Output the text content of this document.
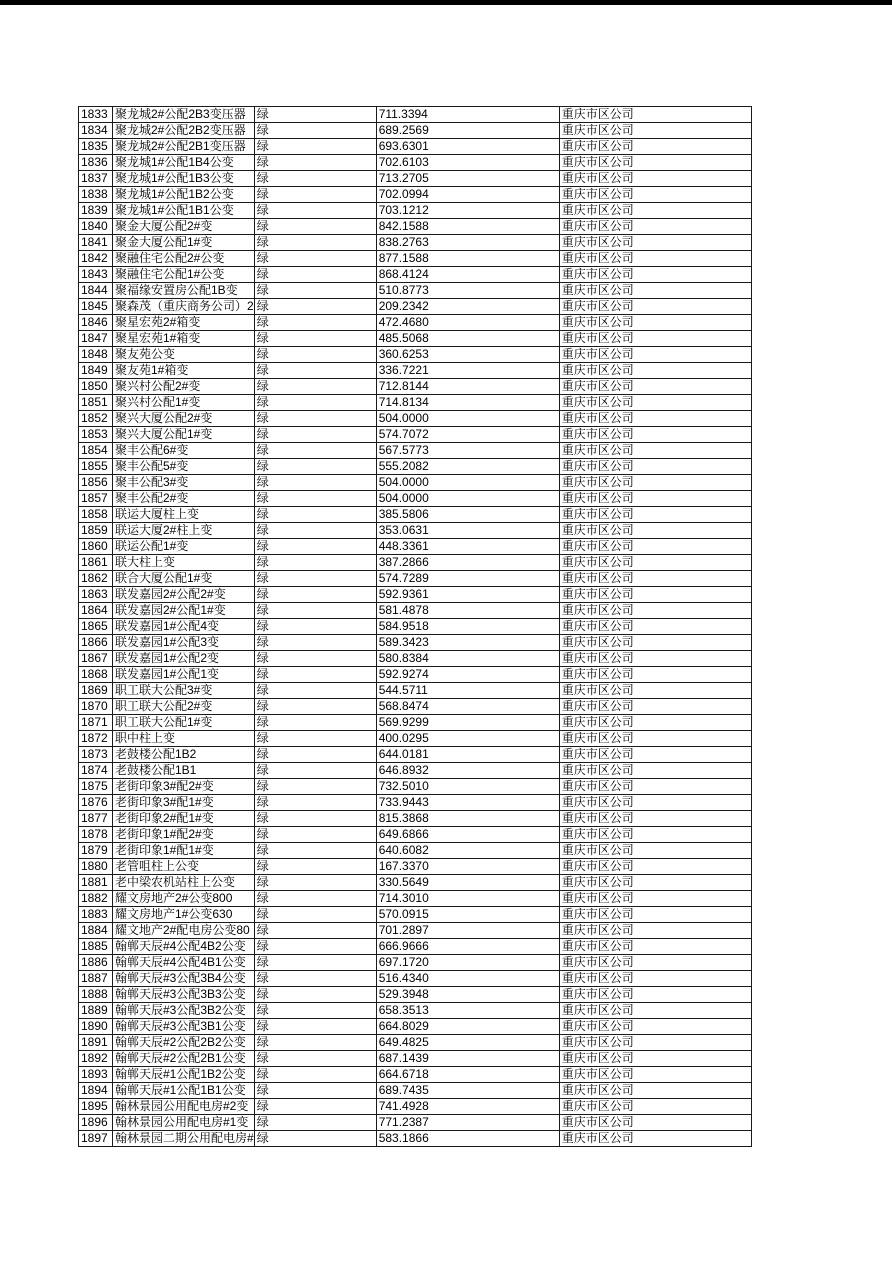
1833	聚龙城2#公配2B3变压器	绿	711.3394	重庆市区公司
1834	聚龙城2#公配2B2变压器	绿	689.2569	重庆市区公司
1835	聚龙城2#公配2B1变压器	绿	693.6301	重庆市区公司
1836	聚龙城1#公配1B4公变	绿	702.6103	重庆市区公司
1837	聚龙城1#公配1B3公变	绿	713.2705	重庆市区公司
1838	聚龙城1#公配1B2公变	绿	702.0994	重庆市区公司
1839	聚龙城1#公配1B1公变	绿	703.1212	重庆市区公司
1840	聚金大厦公配2#变	绿	842.1588	重庆市区公司
1841	聚金大厦公配1#变	绿	838.2763	重庆市区公司
1842	聚融住宅公配2#公变	绿	877.1588	重庆市区公司
1843	聚融住宅公配1#公变	绿	868.4124	重庆市区公司
1844	聚福缘安置房公配1B变	绿	510.8773	重庆市区公司
1845	聚森茂（重庆商务公司）2	绿	209.2342	重庆市区公司
1846	聚星宏苑2#箱变	绿	472.4680	重庆市区公司
1847	聚星宏苑1#箱变	绿	485.5068	重庆市区公司
1848	聚友苑公变	绿	360.6253	重庆市区公司
1849	聚友苑1#箱变	绿	336.7221	重庆市区公司
1850	聚兴村公配2#变	绿	712.8144	重庆市区公司
1851	聚兴村公配1#变	绿	714.8134	重庆市区公司
1852	聚兴大厦公配2#变	绿	504.0000	重庆市区公司
1853	聚兴大厦公配1#变	绿	574.7072	重庆市区公司
1854	聚丰公配6#变	绿	567.5773	重庆市区公司
1855	聚丰公配5#变	绿	555.2082	重庆市区公司
1856	聚丰公配3#变	绿	504.0000	重庆市区公司
1857	聚丰公配2#变	绿	504.0000	重庆市区公司
1858	联运大厦柱上变	绿	385.5806	重庆市区公司
1859	联运大厦2#柱上变	绿	353.0631	重庆市区公司
1860	联运公配1#变	绿	448.3361	重庆市区公司
1861	联大柱上变	绿	387.2866	重庆市区公司
1862	联合大厦公配1#变	绿	574.7289	重庆市区公司
1863	联发嘉园2#公配2#变	绿	592.9361	重庆市区公司
1864	联发嘉园2#公配1#变	绿	581.4878	重庆市区公司
1865	联发嘉园1#公配4变	绿	584.9518	重庆市区公司
1866	联发嘉园1#公配3变	绿	589.3423	重庆市区公司
1867	联发嘉园1#公配2变	绿	580.8384	重庆市区公司
1868	联发嘉园1#公配1变	绿	592.9274	重庆市区公司
1869	职工联大公配3#变	绿	544.5711	重庆市区公司
1870	职工联大公配2#变	绿	568.8474	重庆市区公司
1871	职工联大公配1#变	绿	569.9299	重庆市区公司
1872	职中柱上变	绿	400.0295	重庆市区公司
1873	老鼓楼公配1B2	绿	644.0181	重庆市区公司
1874	老鼓楼公配1B1	绿	646.8932	重庆市区公司
1875	老街印象3#配2#变	绿	732.5010	重庆市区公司
1876	老街印象3#配1#变	绿	733.9443	重庆市区公司
1877	老街印象2#配1#变	绿	815.3868	重庆市区公司
1878	老街印象1#配2#变	绿	649.6866	重庆市区公司
1879	老街印象1#配1#变	绿	640.6082	重庆市区公司
1880	老管咀柱上公变	绿	167.3370	重庆市区公司
1881	老中梁农机站柱上公变	绿	330.5649	重庆市区公司
1882	耀文房地产2#公变800	绿	714.3010	重庆市区公司
1883	耀文房地产1#公变630	绿	570.0915	重庆市区公司
1884	耀文地产2#配电房公变80	绿	701.2897	重庆市区公司
1885	翰郸天辰#4公配4B2公变	绿	666.9666	重庆市区公司
1886	翰郸天辰#4公配4B1公变	绿	697.1720	重庆市区公司
1887	翰郸天辰#3公配3B4公变	绿	516.4340	重庆市区公司
1888	翰郸天辰#3公配3B3公变	绿	529.3948	重庆市区公司
1889	翰郸天辰#3公配3B2公变	绿	658.3513	重庆市区公司
1890	翰郸天辰#3公配3B1公变	绿	664.8029	重庆市区公司
1891	翰郸天辰#2公配2B2公变	绿	649.4825	重庆市区公司
1892	翰郸天辰#2公配2B1公变	绿	687.1439	重庆市区公司
1893	翰郸天辰#1公配1B2公变	绿	664.6718	重庆市区公司
1894	翰郸天辰#1公配1B1公变	绿	689.7435	重庆市区公司
1895	翰林景园公用配电房#2变	绿	741.4928	重庆市区公司
1896	翰林景园公用配电房#1变	绿	771.2387	重庆市区公司
1897	翰林景园二期公用配电房#	绿	583.1866	重庆市区公司
